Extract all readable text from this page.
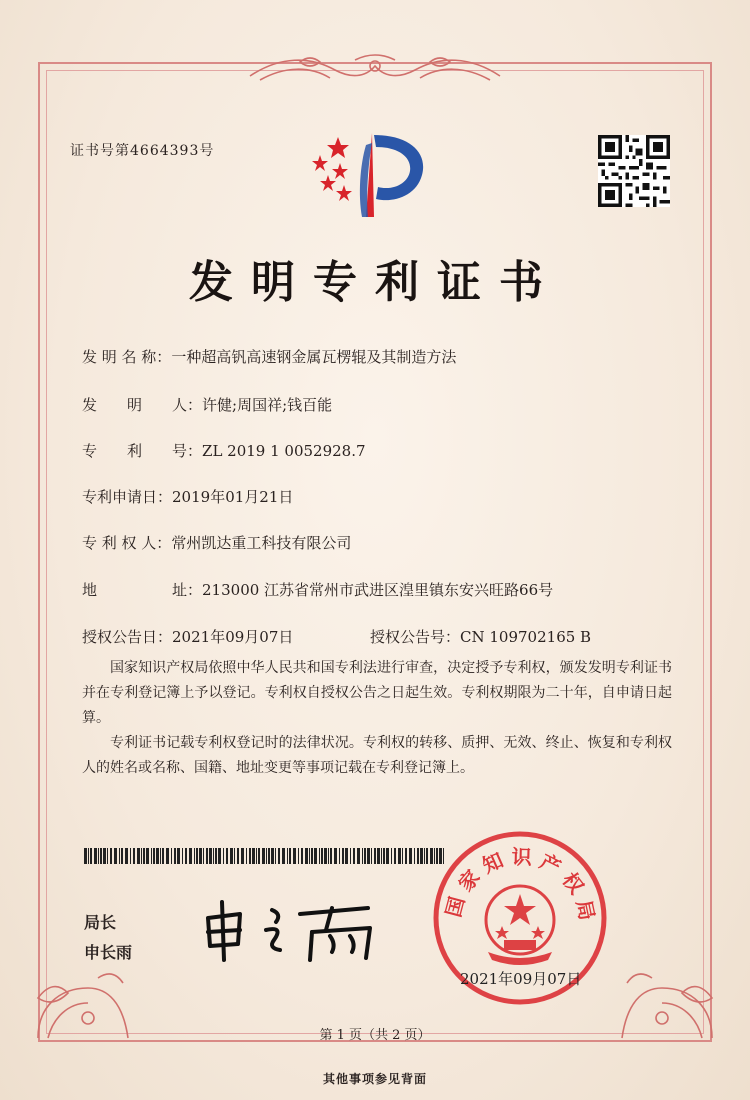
证书号第4664393号
发明专利证书
发 明 名 称：一种超高钒高速钢金属瓦楞辊及其制造方法
发　　明　　人：许健;周国祥;钱百能
专　　利　　号：ZL 2019 1 0052928.7
专利申请日：2019年01月21日
专 利 权 人：常州凯达重工科技有限公司
地　　　　　址：213000 江苏省常州市武进区湟里镇东安兴旺路66号
授权公告日：2021年09月07日	授权公告号：CN 109702165 B

国家知识产权局依照中华人民共和国专利法进行审查，决定授予专利权，颁发发明专利证书并在专利登记簿上予以登记。专利权自授权公告之日起生效。专利权期限为二十年，自申请日起算。

专利证书记载专利权登记时的法律状况。专利权的转移、质押、无效、终止、恢复和专利权人的姓名或名称、国籍、地址变更等事项记载在专利登记簿上。

局长
申长雨
国家知识产权局
2021年09月07日
第 1 页（共 2 页）
其他事项参见背面
